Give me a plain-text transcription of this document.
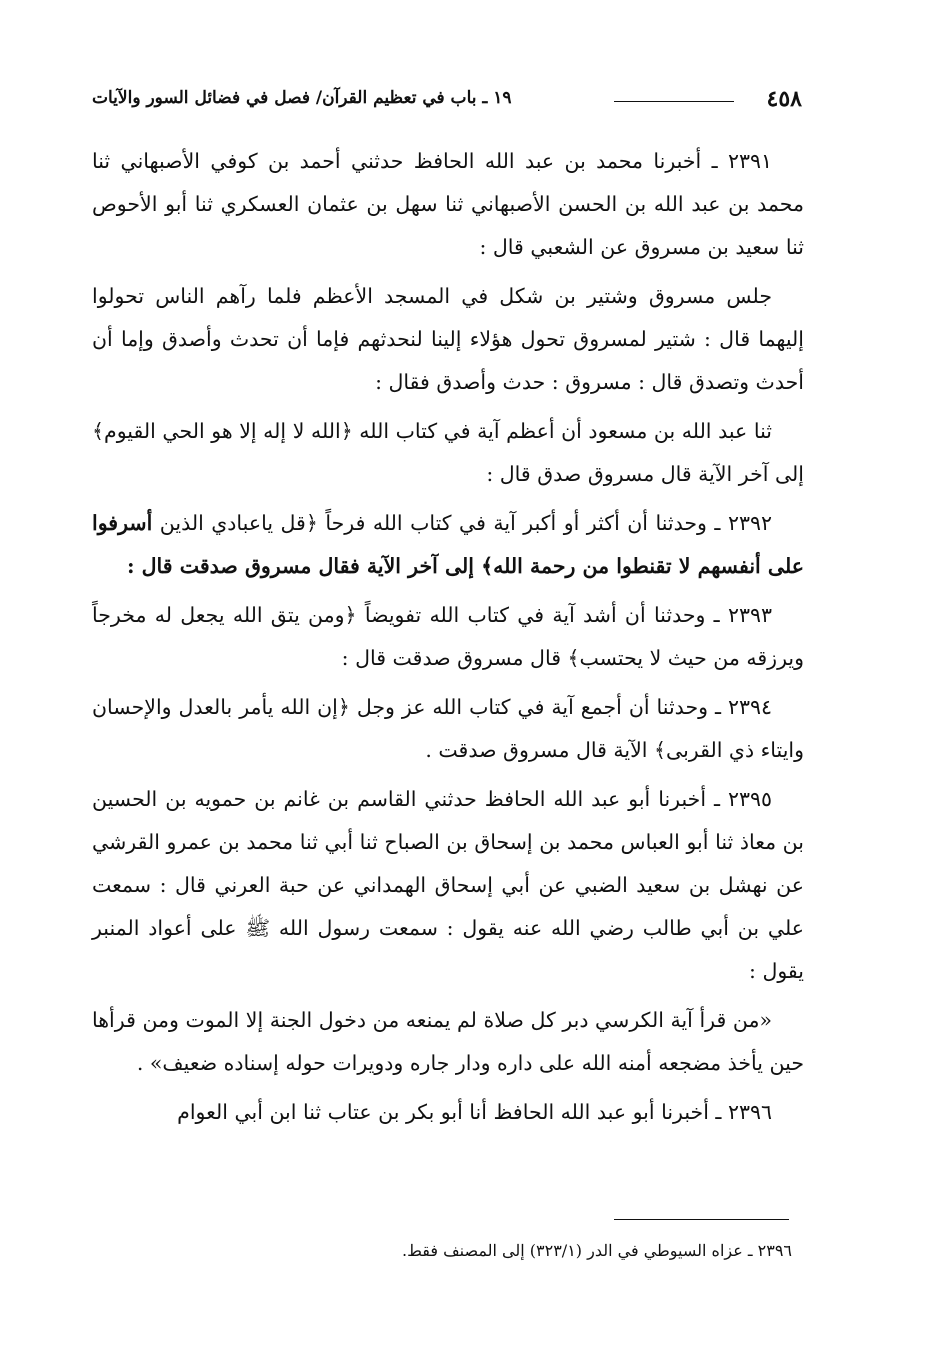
٤٥٨
١٩ ـ باب في تعظيم القرآن/ فصل في فضائل السور والآيات

٢٣٩١ ـ أخبرنا محمد بن عبد الله الحافظ حدثني أحمد بن كوفي الأصبهاني ثنا محمد بن عبد الله بن الحسن الأصبهاني ثنا سهل بن عثمان العسكري ثنا أبو الأحوص ثنا سعيد بن مسروق عن الشعبي قال :

جلس مسروق وشتير بن شكل في المسجد الأعظم فلما رآهم الناس تحولوا إليهما قال : شتير لمسروق تحول هؤلاء إلينا لنحدثهم فإما أن تحدث وأصدق وإما أن أحدث وتصدق قال : مسروق : حدث وأصدق فقال :

ثنا عبد الله بن مسعود أن أعظم آية في كتاب الله ﴿الله لا إله إلا هو الحي القيوم﴾ إلى آخر الآية قال مسروق صدق قال :

٢٣٩٢ ـ وحدثنا أن أكثر أو أكبر آية في كتاب الله فرحاً ﴿قل ياعبادي الذين أسرفوا على أنفسهم لا تقنطوا من رحمة الله﴾ إلى آخر الآية فقال مسروق صدقت قال :

٢٣٩٣ ـ وحدثنا أن أشد آية في كتاب الله تفويضاً ﴿ومن يتق الله يجعل له مخرجاً ويرزقه من حيث لا يحتسب﴾ قال مسروق صدقت قال :

٢٣٩٤ ـ وحدثنا أن أجمع آية في كتاب الله عز وجل ﴿إن الله يأمر بالعدل والإحسان وايتاء ذي القربى﴾ الآية قال مسروق صدقت .

٢٣٩٥ ـ أخبرنا أبو عبد الله الحافظ حدثني القاسم بن غانم بن حمويه بن الحسين بن معاذ ثنا أبو العباس محمد بن إسحاق بن الصباح ثنا أبي ثنا محمد بن عمرو القرشي عن نهشل بن سعيد الضبي عن أبي إسحاق الهمداني عن حبة العرني قال : سمعت علي بن أبي طالب رضي الله عنه يقول : سمعت رسول الله ﷺ على أعواد المنبر يقول :

«من قرأ آية الكرسي دبر كل صلاة لم يمنعه من دخول الجنة إلا الموت ومن قرأها حين يأخذ مضجعه أمنه الله على داره ودار جاره ودويرات حوله إسناده ضعيف» .

٢٣٩٦ ـ أخبرنا أبو عبد الله الحافظ أنا أبو بكر بن عتاب ثنا ابن أبي العوام

٢٣٩٦ ـ عزاه السيوطي في الدر (٣٢٣/١) إلى المصنف فقط.
